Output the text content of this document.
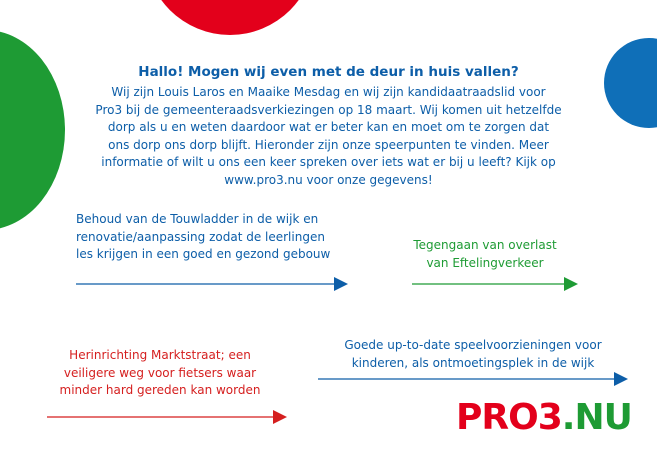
Hallo! Mogen wij even met de deur in huis vallen?
Wij zijn Louis Laros en Maaike Mesdag en wij zijn kandidaatraadslid voor
Pro3 bij de gemeenteraadsverkiezingen op 18 maart. Wij komen uit hetzelfde
dorp als u en weten daardoor wat er beter kan en moet om te zorgen dat
ons dorp ons dorp blijft. Hieronder zijn onze speerpunten te vinden. Meer
informatie of wilt u ons een keer spreken over iets wat er bij u leeft? Kijk op
www.pro3.nu voor onze gegevens!
Behoud van de Touwladder in de wijk en
renovatie/aanpassing zodat de leerlingen
les krijgen in een goed en gezond gebouw
Tegengaan van overlast
van Eftelingverkeer
Herinrichting Marktstraat; een
veiligere weg voor fietsers waar
minder hard gereden kan worden
Goede up-to-date speelvoorzieningen voor
kinderen, als ontmoetingsplek in de wijk
PRO3.NU
